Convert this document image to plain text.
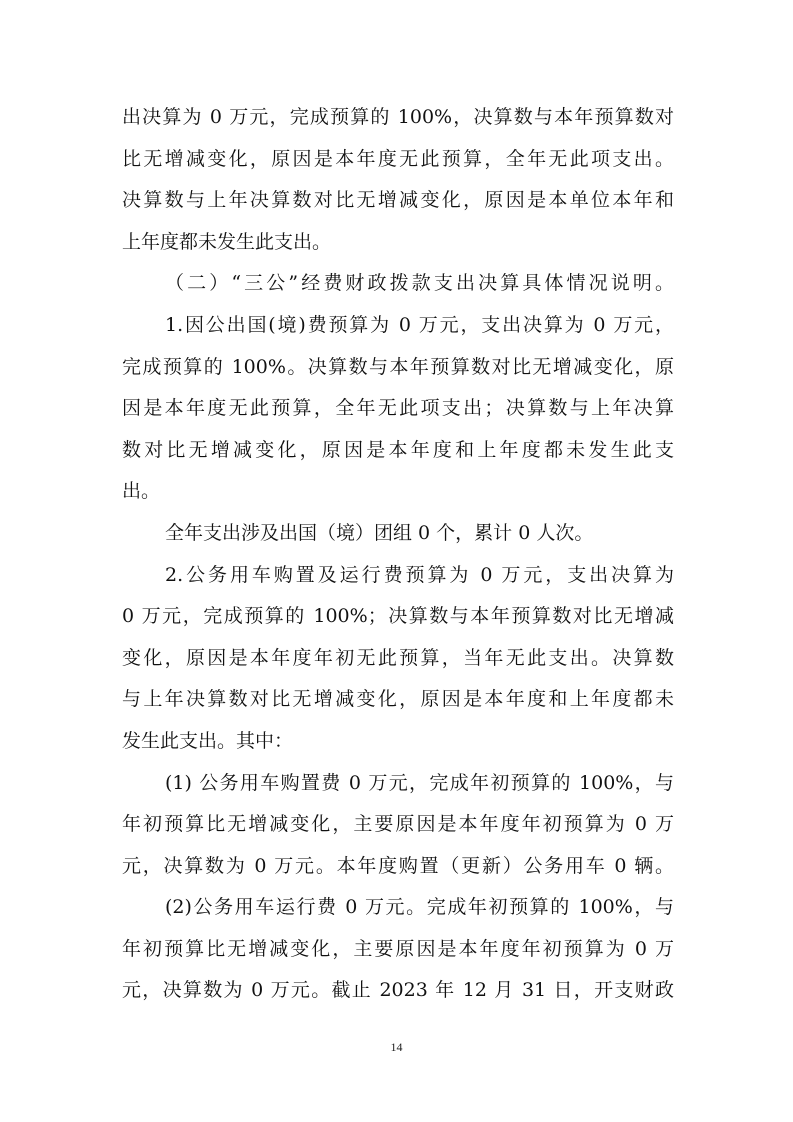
出决算为 0 万元，完成预算的 100%，决算数与本年预算数对
比无增减变化，原因是本年度无此预算，全年无此项支出。
决算数与上年决算数对比无增减变化，原因是本单位本年和
上年度都未发生此支出。
（二）“三公”经费财政拨款支出决算具体情况说明。
1.因公出国(境)费预算为 0 万元，支出决算为 0 万元，
完成预算的 100%。决算数与本年预算数对比无增减变化，原
因是本年度无此预算，全年无此项支出；决算数与上年决算
数对比无增减变化，原因是本年度和上年度都未发生此支
出。
全年支出涉及出国（境）团组 0 个，累计 0 人次。
2.公务用车购置及运行费预算为 0 万元，支出决算为
0 万元，完成预算的 100%；决算数与本年预算数对比无增减
变化，原因是本年度年初无此预算，当年无此支出。决算数
与上年决算数对比无增减变化，原因是本年度和上年度都未
发生此支出。其中：
(1) 公务用车购置费 0 万元，完成年初预算的 100%，与
年初预算比无增减变化，主要原因是本年度年初预算为 0 万
元，决算数为 0 万元。本年度购置（更新）公务用车 0 辆。
(2)公务用车运行费 0 万元。完成年初预算的 100%，与
年初预算比无增减变化，主要原因是本年度年初预算为 0 万
元，决算数为 0 万元。截止 2023 年 12 月 31 日，开支财政
14
